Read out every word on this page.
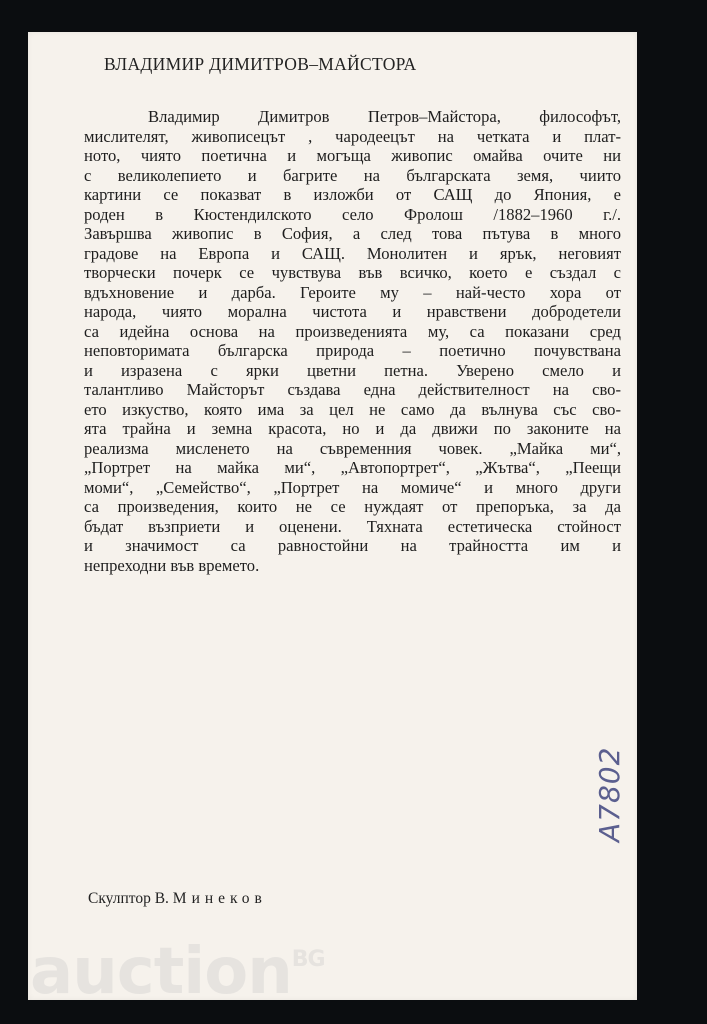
ВЛАДИМИР ДИМИТРОВ–МАЙСТОРА
Владимир Димитров Петров–Майстора, философът,
мислителят, живописецът , чародеецът на четката и плат-
ното, чиято поетична и могъща живопис омайва очите ни
с великолепието и багрите на българската земя, чиито
картини се показват в изложби от САЩ до Япония, е
роден в Кюстендилското село Фролош /1882–1960 г./.
Завършва живопис в София, а след това пътува в много
градове на Европа и САЩ. Монолитен и ярък, неговият
творчески почерк се чувствува във всичко, което е създал с
вдъхновение и дарба. Героите му – най-често хора от
народа, чиято морална чистота и нравствени добродетели
са идейна основа на произведенията му, са показани сред
неповторимата българска природа – поетично почувствана
и изразена с ярки цветни петна. Уверено смело и
талантливо Майсторът създава една действителност на сво-
ето изкуство, която има за цел не само да вълнува със сво-
ята трайна и земна красота, но и да движи по законите на
реализма мисленето на съвременния човек. „Майка ми“,
„Портрет на майка ми“, „Автопортрет“, „Жътва“, „Пеещи
моми“, „Семейство“, „Портрет на момиче“ и много други
са произведения, които не се нуждаят от препоръка, за да
бъдат възприети и оценени. Тяхната естетическа стойност
и значимост са равностойни на трайността им и
непреходни във времето.
Скулптор В. Минеков
A7802
auction$^{BG}$
